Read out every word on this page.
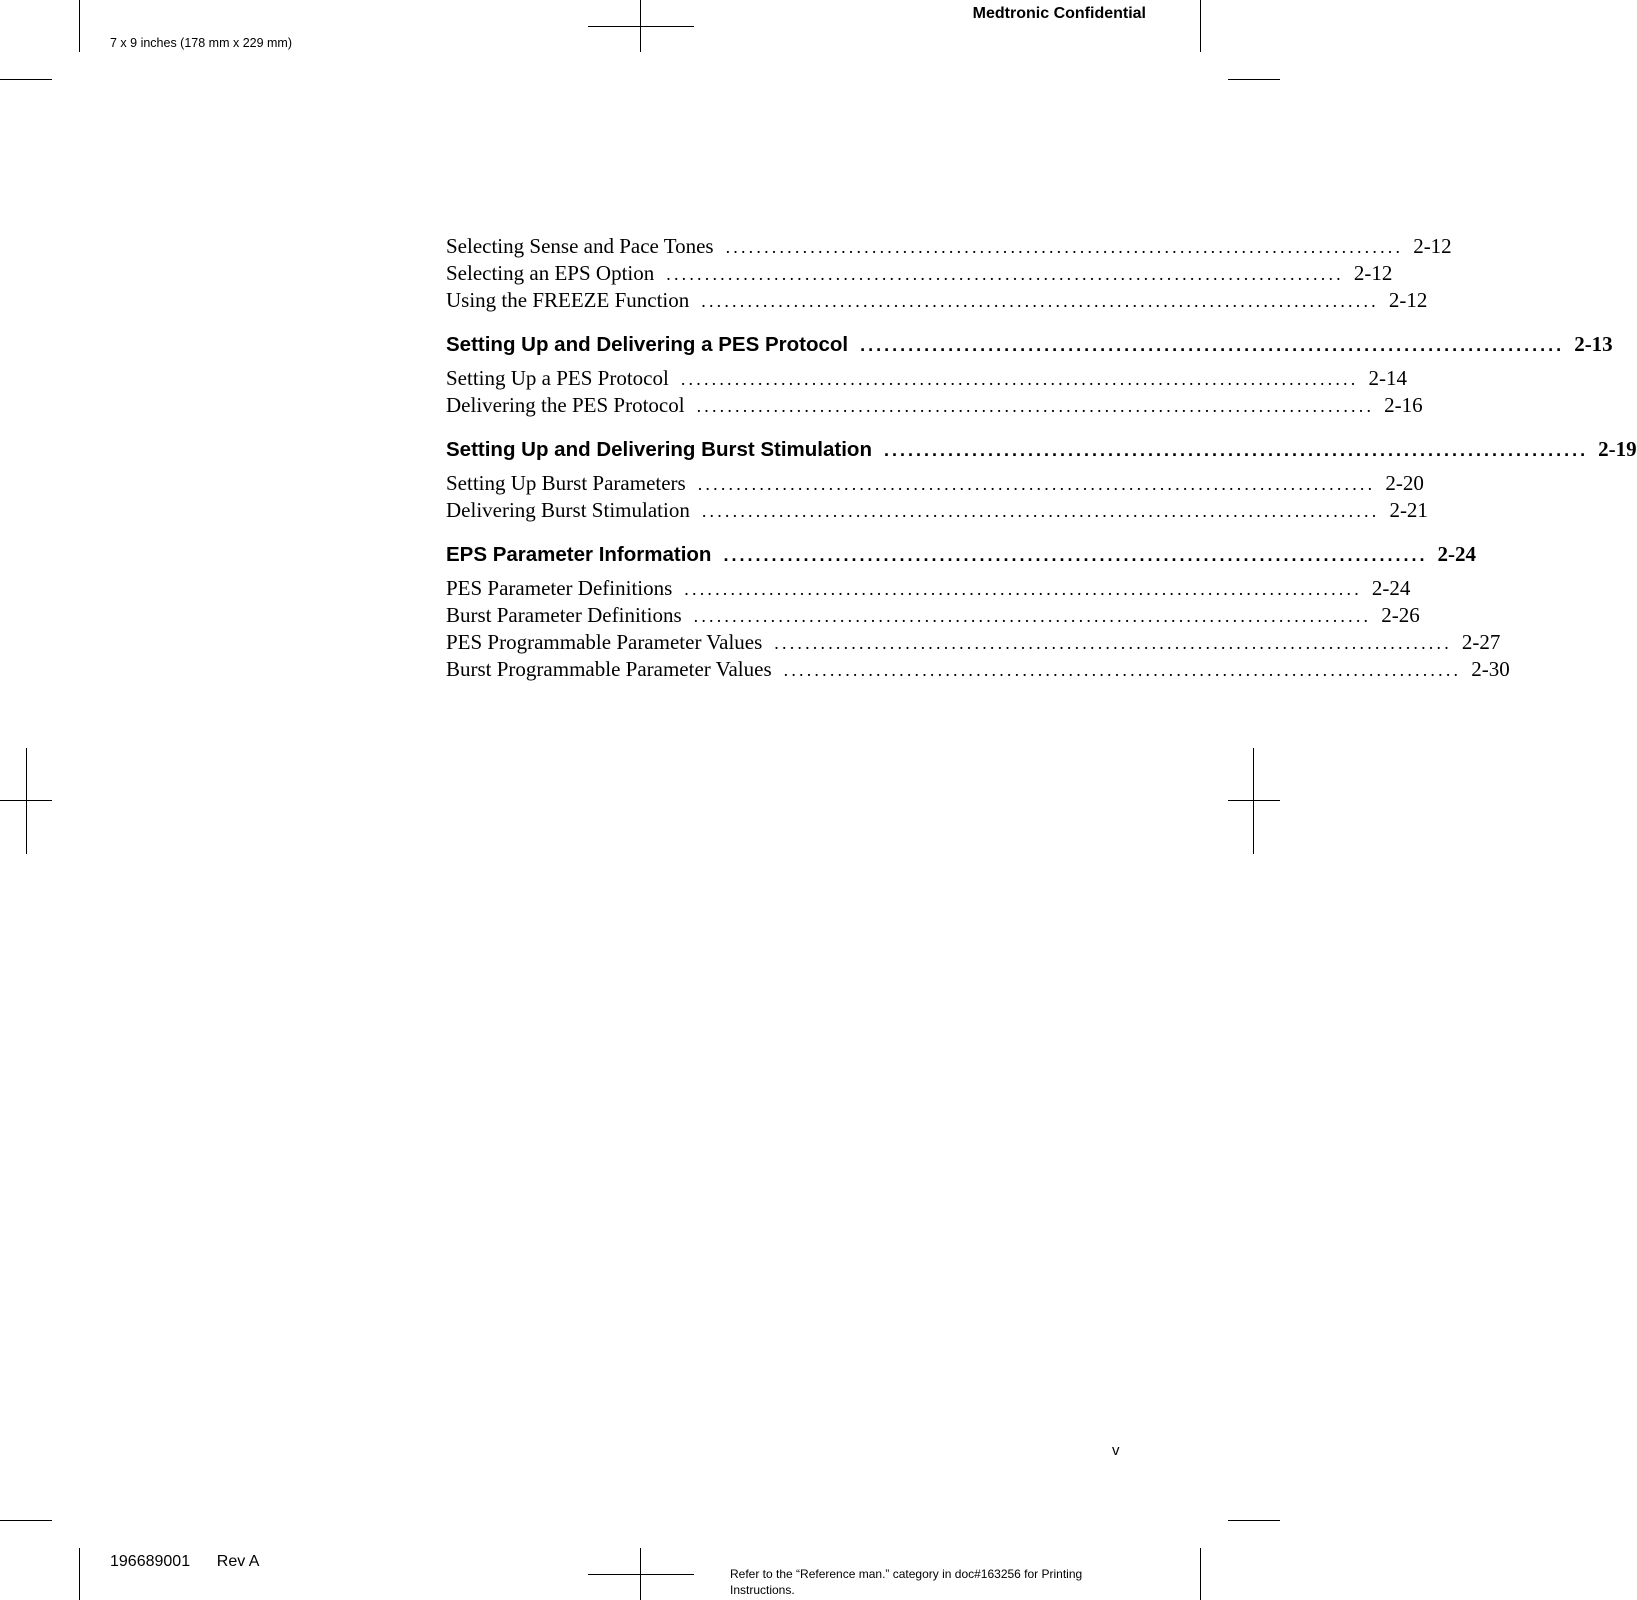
Medtronic Confidential
7 x 9 inches (178 mm x 229 mm)
Selecting Sense and Pace Tones ........................................................................................ 2-12
Selecting an EPS Option ........................................................................................ 2-12
Using the FREEZE Function ........................................................................................ 2-12
Setting Up and Delivering a PES Protocol ........................................................................................ 2-13
Setting Up a PES Protocol ........................................................................................ 2-14
Delivering the PES Protocol ........................................................................................ 2-16
Setting Up and Delivering Burst Stimulation ........................................................................................ 2-19
Setting Up Burst Parameters ........................................................................................ 2-20
Delivering Burst Stimulation ........................................................................................ 2-21
EPS Parameter Information ........................................................................................ 2-24
PES Parameter Definitions ........................................................................................ 2-24
Burst Parameter Definitions ........................................................................................ 2-26
PES Programmable Parameter Values ........................................................................................ 2-27
Burst Programmable Parameter Values ........................................................................................ 2-30
v
196689001 Rev A
Refer to the “Reference man.” category in doc#163256 for Printing Instructions.
